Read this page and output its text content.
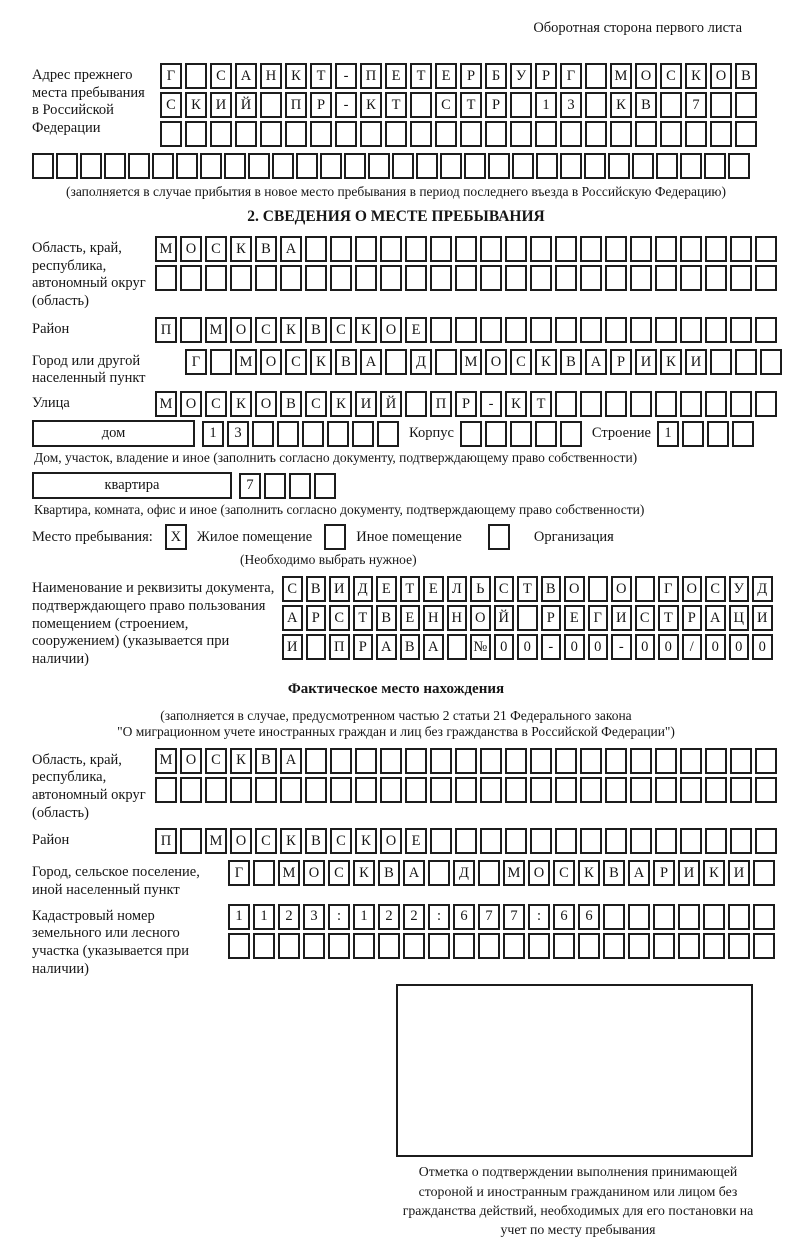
Оборотная сторона первого листа
Адрес прежнего места пребывания в Российской Федерации
Г	С	А	Н	К	Т	-	П	Е	Т	Е	Р	Б	У	Р	Г	М О	С	К	О	В
С	К	И	Й	П	Р	-	К	Т	С	Т	Р	1	3	К	В	7
(заполняется в случае прибытия в новое место пребывания в период последнего въезда в Российскую Федерацию)
2. СВЕДЕНИЯ О МЕСТЕ ПРЕБЫВАНИЯ
Область, край, республика, автономный округ (область)
М О	С	К	В	А
Район	П	М О	С	К	В	С	К	О	Е
Город или другой населенный пункт
Г	М О	С	К	В	А	Д	М О	С	К	В	А	Р	И	К	И
Улица	М О	С	К	О	В	С	К	И	Й	П	Р	-	К	Т
дом	1	3	Корпус	Строение 1
Дом, участок, владение и иное (заполнить согласно документу, подтверждающему право собственности)
квартира	7
Квартира, комната, офис и иное (заполнить согласно документу, подтверждающему право собственности)
Место пребывания:	X	Жилое помещение	Иное помещение	Организация
(Необходимо выбрать нужное)
Наименование и реквизиты документа, подтверждающего право пользования помещением (строением, сооружением) (указывается при наличии)
С В И Д Е	Т	Е Л Ь	С Т В О	О	Г О С У Д
А Р	С Т В Е Н Н О Й	Р	Е	Г И С Т	Р А Ц И
И	П Р А В А	№ 0	0	-	0	0	-	0	0	/	0	0	0
Фактическое место нахождения
(заполняется в случае, предусмотренном частью 2 статьи 21 Федерального закона
"О миграционном учете иностранных граждан и лиц без гражданства в Российской Федерации")
Область, край, республика, автономный округ (область)
М О	С	К	В	А
Район	П	М О	С	К	В	С	К	О	Е
Город, сельское поселение, иной населенный пункт
Г	М О	С	К	В	А	Д	М О	С	К	В	А	Р	И	К	И
Кадастровый номер земельного или лесного участка (указывается при наличии)
1	1	2	3	:	1	2	2	:	6	7	7	:	6	6
Отметка о подтверждении выполнения принимающей стороной и иностранным гражданином или лицом без гражданства действий, необходимых для его постановки на учет по месту пребывания
